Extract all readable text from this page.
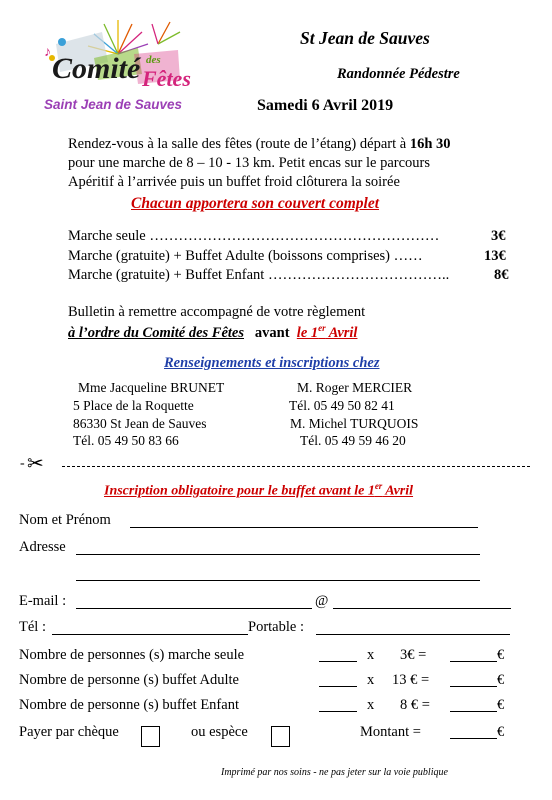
♪ Comité des
Fêtes
Saint Jean de Sauves
St Jean de Sauves
Randonnée Pédestre
Samedi 6 Avril 2019
Rendez-vous à la salle des fêtes (route de l’étang) départ à 16h 30
pour une marche de 8 – 10 - 13 km. Petit encas sur le parcours
Apéritif à l’arrivée puis un buffet froid clôturera la soirée
Chacun apportera son couvert complet
Marche seule ……………………………………………………	3€
Marche (gratuite) + Buffet Adulte (boissons comprises) ……	13€
Marche (gratuite) + Buffet Enfant ………………………………..	8€
Bulletin à remettre accompagné de votre règlement
à l’ordre du Comité des Fêtes avant le 1er Avril
Renseignements et inscriptions chez
Mme Jacqueline BRUNET
5 Place de la Roquette
86330 St Jean de Sauves
Tél. 05 49 50 83 66
M. Roger MERCIER
Tél. 05 49 50 82 41
M. Michel TURQUOIS
Tél. 05 49 59 46 20
- ✂
Inscription obligatoire pour le buffet avant le 1er Avril
Nom et Prénom
Adresse
E-mail :	@
Tél :	Portable :
Nombre de personnes (s) marche seule	x 3€ =	€
Nombre de personne (s) buffet Adulte	x 13 € =	€
Nombre de personne (s) buffet Enfant	x 8 € =	€
Payer par chèque	ou espèce	Montant =	€
Imprimé par nos soins - ne pas jeter sur la voie publique
